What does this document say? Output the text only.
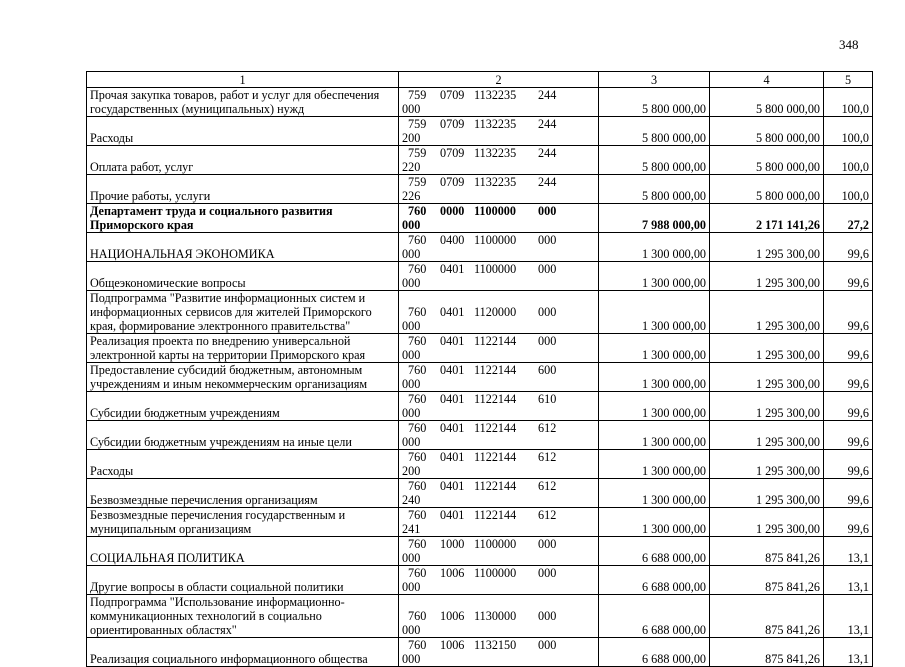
348
1	2	3	4	5
Прочая закупка товаров, работ и услуг для обеспечения государственных (муниципальных) нужд	759 0709 1132235 244000	5 800 000,00	5 800 000,00	100,0
Расходы	759 0709 1132235 244200	5 800 000,00	5 800 000,00	100,0
Оплата работ, услуг	759 0709 1132235 244220	5 800 000,00	5 800 000,00	100,0
Прочие работы, услуги	759 0709 1132235 244226	5 800 000,00	5 800 000,00	100,0
Департамент труда и социального развития Приморского края	760 0000 1100000 000000	7 988 000,00	2 171 141,26	27,2
НАЦИОНАЛЬНАЯ ЭКОНОМИКА	760 0400 1100000 000000	1 300 000,00	1 295 300,00	99,6
Общеэкономические вопросы	760 0401 1100000 000000	1 300 000,00	1 295 300,00	99,6
Подпрограмма "Развитие информационных систем и информационных сервисов для жителей Приморского края, формирование электронного правительства"	760 0401 1120000 000000	1 300 000,00	1 295 300,00	99,6
Реализация проекта по внедрению универсальной электронной карты на территории Приморского края	760 0401 1122144 000000	1 300 000,00	1 295 300,00	99,6
Предоставление субсидий бюджетным, автономным учреждениям и иным некоммерческим организациям	760 0401 1122144 600000	1 300 000,00	1 295 300,00	99,6
Субсидии бюджетным учреждениям	760 0401 1122144 610000	1 300 000,00	1 295 300,00	99,6
Субсидии бюджетным учреждениям на иные цели	760 0401 1122144 612000	1 300 000,00	1 295 300,00	99,6
Расходы	760 0401 1122144 612200	1 300 000,00	1 295 300,00	99,6
Безвозмездные перечисления организациям	760 0401 1122144 612240	1 300 000,00	1 295 300,00	99,6
Безвозмездные перечисления государственным и муниципальным организациям	760 0401 1122144 612241	1 300 000,00	1 295 300,00	99,6
СОЦИАЛЬНАЯ ПОЛИТИКА	760 1000 1100000 000000	6 688 000,00	875 841,26	13,1
Другие вопросы в области социальной политики	760 1006 1100000 000000	6 688 000,00	875 841,26	13,1
Подпрограмма "Использование информационно-коммуникационных технологий в социально ориентированных областях"	760 1006 1130000 000000	6 688 000,00	875 841,26	13,1
Реализация социального информационного общества	760 1006 1132150 000000	6 688 000,00	875 841,26	13,1
